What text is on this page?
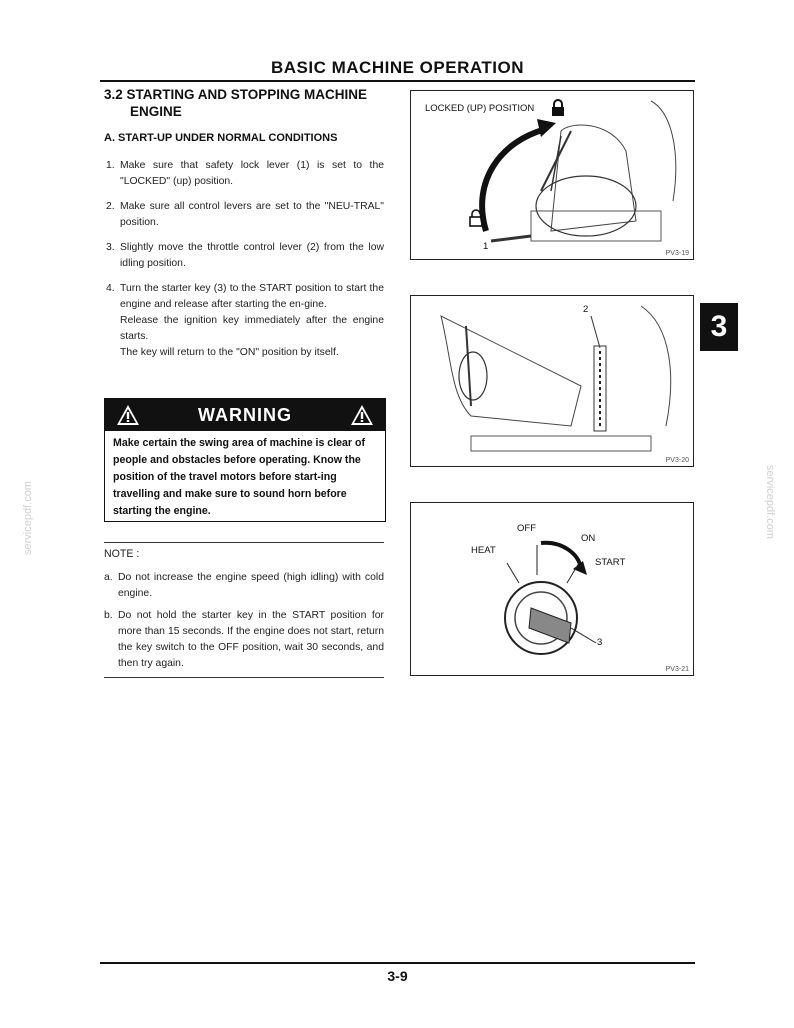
BASIC MACHINE OPERATION
3.2 STARTING AND STOPPING MACHINE
ENGINE
A. START-UP UNDER NORMAL CONDITIONS
1. Make sure that safety lock lever (1) is set to the "LOCKED" (up) position.
2. Make sure all control levers are set to the "NEU-TRAL" position.
3. Slightly move the throttle control lever (2) from the low idling position.
4. Turn the starter key (3) to the START position to start the engine and release after starting the en-gine.
Release the ignition key immediately after the engine starts.
The key will return to the "ON" position by itself.
WARNING
Make certain the swing area of machine is clear of people and obstacles before operating. Know the position of the travel motors before start-ing travelling and make sure to sound horn before starting the engine.
NOTE :
a. Do not increase the engine speed (high idling) with cold engine.
b. Do not hold the starter key in the START position for more than 15 seconds. If the engine does not start, return the key switch to the OFF position, wait 30 seconds, and then try again.
LOCKED (UP) POSITION
1
PV3-19
2
PV3-20
OFF
ON
HEAT
START
3
PV3-21
3
servicepdf.com	servicepdf.com
3-9
